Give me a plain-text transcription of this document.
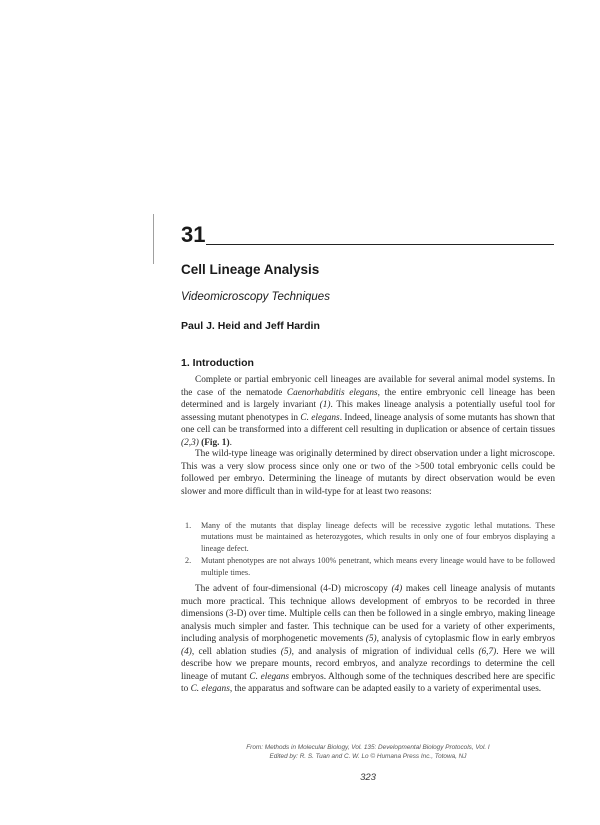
31
Cell Lineage Analysis
Videomicroscopy Techniques
Paul J. Heid and Jeff Hardin
1. Introduction

Complete or partial embryonic cell lineages are available for several animal model systems. In the case of the nematode Caenorhabditis elegans, the entire embryonic cell lineage has been determined and is largely invariant (1). This makes lineage analysis a potentially useful tool for assessing mutant phenotypes in C. elegans. Indeed, lineage analysis of some mutants has shown that one cell can be transformed into a different cell resulting in duplication or absence of certain tissues (2,3) (Fig. 1).

The wild-type lineage was originally determined by direct observation under a light microscope. This was a very slow process since only one or two of the >500 total embryonic cells could be followed per embryo. Determining the lineage of mutants by direct observation would be even slower and more difficult than in wild-type for at least two reasons:

1. Many of the mutants that display lineage defects will be recessive zygotic lethal mutations. These mutations must be maintained as heterozygotes, which results in only one of four embryos displaying a lineage defect.
2. Mutant phenotypes are not always 100% penetrant, which means every lineage would have to be followed multiple times.

The advent of four-dimensional (4-D) microscopy (4) makes cell lineage analysis of mutants much more practical. This technique allows development of embryos to be recorded in three dimensions (3-D) over time. Multiple cells can then be followed in a single embryo, making lineage analysis much simpler and faster. This technique can be used for a variety of other experiments, including analysis of morphogenetic movements (5), analysis of cytoplasmic flow in early embryos (4), cell ablation studies (5), and analysis of migration of individual cells (6,7). Here we will describe how we prepare mounts, record embryos, and analyze recordings to determine the cell lineage of mutant C. elegans embryos. Although some of the techniques described here are specific to C. elegans, the apparatus and software can be adapted easily to a variety of experimental uses.

From: Methods in Molecular Biology, Vol. 135: Developmental Biology Protocols, Vol. I
Edited by: R. S. Tuan and C. W. Lo © Humana Press Inc., Totowa, NJ
323
